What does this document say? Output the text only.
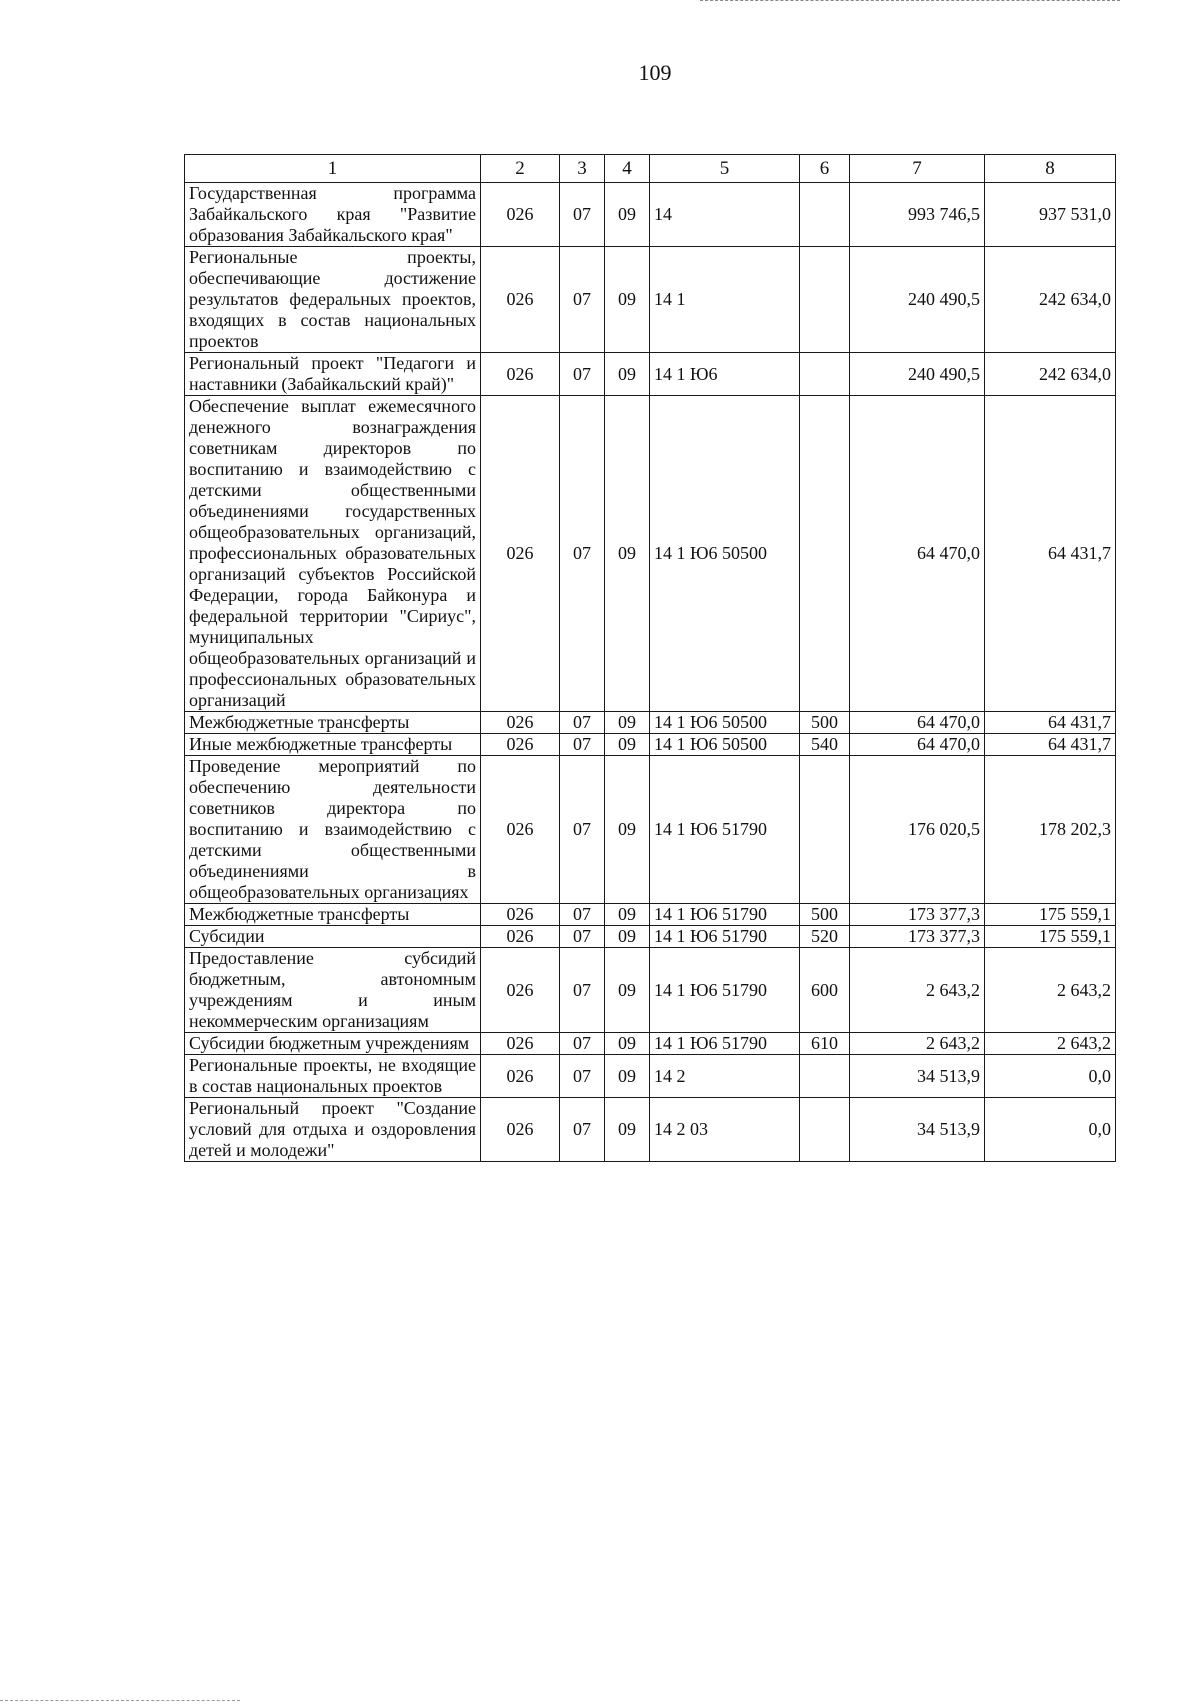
109
1	2	3	4	5	6	7	8
Государственная программа Забайкальского края "Развитие образования Забайкальского края"	026	07	09	14		993 746,5	937 531,0
Региональные проекты, обеспечивающие достижение результатов федеральных проектов, входящих в состав национальных проектов	026	07	09	14 1		240 490,5	242 634,0
Региональный проект "Педагоги и наставники (Забайкальский край)"	026	07	09	14 1 Ю6		240 490,5	242 634,0
Обеспечение выплат ежемесячного денежного вознаграждения советникам директоров по воспитанию и взаимодействию с детскими общественными объединениями государственных общеобразовательных организаций, профессиональных образовательных организаций субъектов Российской Федерации, города Байконура и федеральной территории "Сириус", муниципальных общеобразовательных организаций и профессиональных образовательных организаций	026	07	09	14 1 Ю6 50500		64 470,0	64 431,7
Межбюджетные трансферты	026	07	09	14 1 Ю6 50500	500	64 470,0	64 431,7
Иные межбюджетные трансферты	026	07	09	14 1 Ю6 50500	540	64 470,0	64 431,7
Проведение мероприятий по обеспечению деятельности советников директора по воспитанию и взаимодействию с детскими общественными объединениями в общеобразовательных организациях	026	07	09	14 1 Ю6 51790		176 020,5	178 202,3
Межбюджетные трансферты	026	07	09	14 1 Ю6 51790	500	173 377,3	175 559,1
Субсидии	026	07	09	14 1 Ю6 51790	520	173 377,3	175 559,1
Предоставление субсидий бюджетным, автономным учреждениям и иным некоммерческим организациям	026	07	09	14 1 Ю6 51790	600	2 643,2	2 643,2
Субсидии бюджетным учреждениям	026	07	09	14 1 Ю6 51790	610	2 643,2	2 643,2
Региональные проекты, не входящие в состав национальных проектов	026	07	09	14 2		34 513,9	0,0
Региональный проект "Создание условий для отдыха и оздоровления детей и молодежи"	026	07	09	14 2 03		34 513,9	0,0
